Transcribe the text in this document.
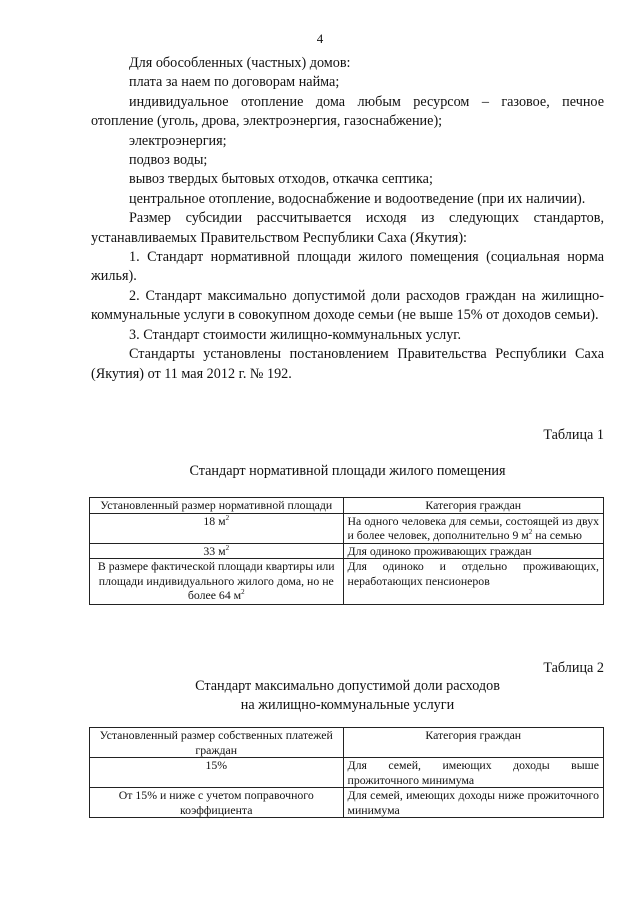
4

Для обособленных (частных) домов:

плата за наем по договорам найма;

индивидуальное отопление дома любым ресурсом – газовое, печное отопление (уголь, дрова, электроэнергия, газоснабжение);

электроэнергия;

подвоз воды;

вывоз твердых бытовых отходов, откачка септика;

центральное отопление, водоснабжение и водоотведение (при их наличии).

Размер субсидии рассчитывается исходя из следующих стандартов, устанавливаемых Правительством Республики Саха (Якутия):

1. Стандарт нормативной площади жилого помещения (социальная норма жилья).

2. Стандарт максимально допустимой доли расходов граждан на жилищно-коммунальные услуги в совокупном доходе семьи (не выше 15% от доходов семьи).

3. Стандарт стоимости жилищно-коммунальных услуг.

Стандарты установлены постановлением Правительства Республики Саха (Якутия) от 11 мая 2012 г. № 192.

Таблица 1
Стандарт нормативной площади жилого помещения
Установленный размер нормативной площади	Категория граждан
18 $м^2$	На одного человека для семьи, состоящей из двух и более человек, дополнительно 9 $м^2$ на семью
33 $м^2$	Для одиноко проживающих граждан
В размере фактической площади квартиры или площади индивидуального жилого дома, но не более 64 $м^2$	Для одиноко и отдельно проживающих, неработающих пенсионеров
Таблица 2
Стандарт максимально допустимой доли расходов
на жилищно-коммунальные услуги
Установленный размер собственных платежей граждан	Категория граждан
15%	Для семей, имеющих доходы выше прожиточного минимума
От 15% и ниже с учетом поправочного коэффициента	Для семей, имеющих доходы ниже прожиточного минимума
